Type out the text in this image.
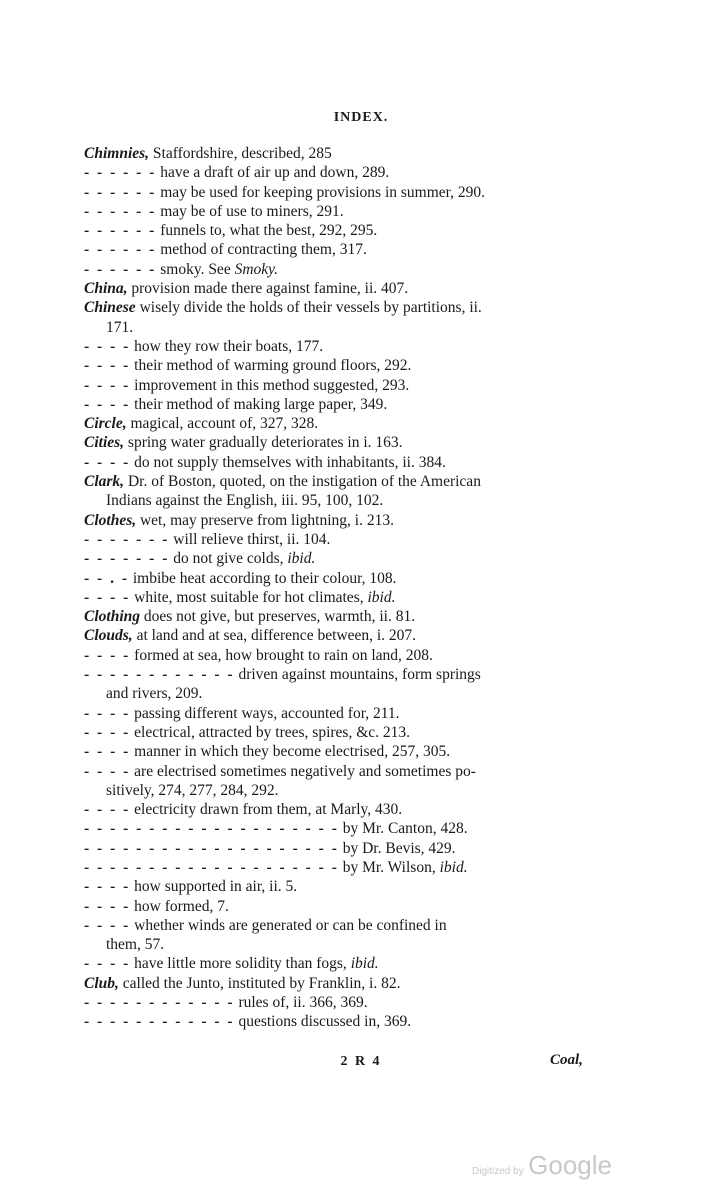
INDEX.
Chimnies, Staffordshire, described, 285
- - - - - - have a draft of air up and down, 289.
- - - - - - may be used for keeping provisions in summer, 290.
- - - - - - may be of use to miners, 291.
- - - - - - funnels to, what the best, 292, 295.
- - - - - - method of contracting them, 317.
- - - - - - smoky. See Smoky.
China, provision made there against famine, ii. 407.
Chinese wisely divide the holds of their vessels by partitions, ii.
171.
- - - - how they row their boats, 177.
- - - - their method of warming ground floors, 292.
- - - - improvement in this method suggested, 293.
- - - - their method of making large paper, 349.
Circle, magical, account of, 327, 328.
Cities, spring water gradually deteriorates in i. 163.
- - - - do not supply themselves with inhabitants, ii. 384.
Clark, Dr. of Boston, quoted, on the instigation of the American
Indians against the English, iii. 95, 100, 102.
Clothes, wet, may preserve from lightning, i. 213.
- - - - - - - will relieve thirst, ii. 104.
- - - - - - - do not give colds, ibid.
- - . - imbibe heat according to their colour, 108.
- - - - white, most suitable for hot climates, ibid.
Clothing does not give, but preserves, warmth, ii. 81.
Clouds, at land and at sea, difference between, i. 207.
- - - - formed at sea, how brought to rain on land, 208.
- - - - - - - - - - - - driven against mountains, form springs
and rivers, 209.
- - - - passing different ways, accounted for, 211.
- - - - electrical, attracted by trees, spires, &c. 213.
- - - - manner in which they become electrised, 257, 305.
- - - - are electrised sometimes negatively and sometimes po-
sitively, 274, 277, 284, 292.
- - - - electricity drawn from them, at Marly, 430.
- - - - - - - - - - - - - - - - - - - - by Mr. Canton, 428.
- - - - - - - - - - - - - - - - - - - - by Dr. Bevis, 429.
- - - - - - - - - - - - - - - - - - - - by Mr. Wilson, ibid.
- - - - how supported in air, ii. 5.
- - - - how formed, 7.
- - - - whether winds are generated or can be confined in
them, 57.
- - - - have little more solidity than fogs, ibid.
Club, called the Junto, instituted by Franklin, i. 82.
- - - - - - - - - - - - rules of, ii. 366, 369.
- - - - - - - - - - - - questions discussed in, 369.
2 R 4	Coal,
Digitized by Google
